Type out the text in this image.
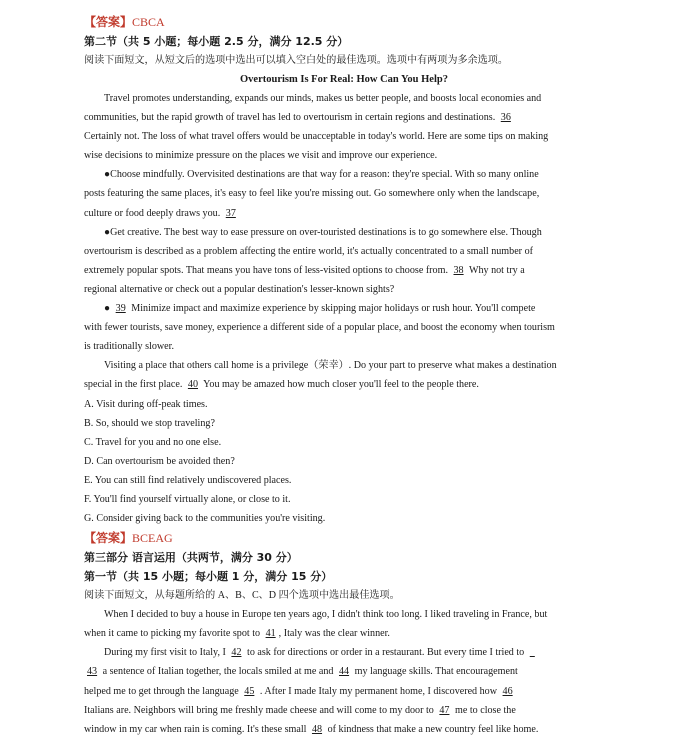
【答案】CBCA
第二节（共 5 小题；每小题 2.5 分，满分 12.5 分）
阅读下面短文，从短文后的选项中选出可以填入空白处的最佳选项。选项中有两项为多余选项。
Overtourism Is For Real: How Can You Help?
Travel promotes understanding, expands our minds, makes us better people, and boosts local economies and
communities, but the rapid growth of travel has led to overtourism in certain regions and destinations. 36
Certainly not. The loss of what travel offers would be unacceptable in today's world. Here are some tips on making
wise decisions to minimize pressure on the places we visit and improve our experience.
●Choose mindfully. Overvisited destinations are that way for a reason: they're special. With so many online
posts featuring the same places, it's easy to feel like you're missing out. Go somewhere only when the landscape,
culture or food deeply draws you. 37
●Get creative. The best way to ease pressure on over-touristed destinations is to go somewhere else. Though
overtourism is described as a problem affecting the entire world, it's actually concentrated to a small number of
extremely popular spots. That means you have tons of less-visited options to choose from. 38 Why not try a
regional alternative or check out a popular destination's lesser-known sights?
● 39 Minimize impact and maximize experience by skipping major holidays or rush hour. You'll compete
with fewer tourists, save money, experience a different side of a popular place, and boost the economy when tourism
is traditionally slower.
Visiting a place that others call home is a privilege（荣幸）. Do your part to preserve what makes a destination
special in the first place. 40 You may be amazed how much closer you'll feel to the people there.
A. Visit during off-peak times.
B. So, should we stop traveling?
C. Travel for you and no one else.
D. Can overtourism be avoided then?
E. You can still find relatively undiscovered places.
F. You'll find yourself virtually alone, or close to it.
G. Consider giving back to the communities you're visiting.
【答案】BCEAG
第三部分 语言运用（共两节，满分 30 分）
第一节（共 15 小题；每小题 1 分，满分 15 分）
阅读下面短文，从每题所给的 A、B、C、D 四个选项中选出最佳选项。
When I decided to buy a house in Europe ten years ago, I didn't think too long. I liked traveling in France, but
when it came to picking my favorite spot to 41 , Italy was the clear winner.
During my first visit to Italy, I 42 to ask for directions or order in a restaurant. But every time I tried to
43 a sentence of Italian together, the locals smiled at me and 44 my language skills. That encouragement
helped me to get through the language 45 . After I made Italy my permanent home, I discovered how 46
Italians are. Neighbors will bring me freshly made cheese and will come to my door to 47 me to close the
window in my car when rain is coming. It's these small 48 of kindness that make a new country feel like home.
